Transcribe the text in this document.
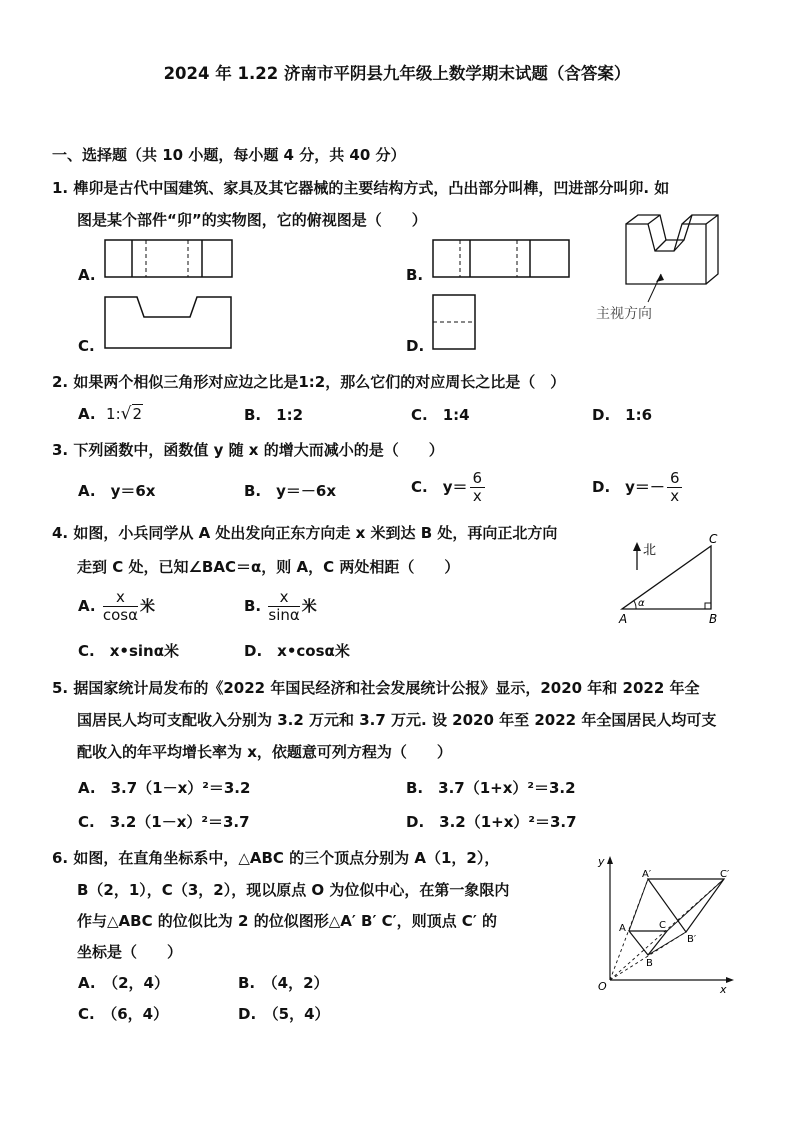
2024 年 1.22 济南市平阴县九年级上数学期末试题（含答案）
一、选择题（共 10 小题，每小题 4 分，共 40 分）
1. 榫卯是古代中国建筑、家具及其它器械的主要结构方式，凸出部分叫榫，凹进部分叫卯. 如
图是某个部件“卯”的实物图，它的俯视图是（　　）
A.	B.
主视方向
C.	D.
2. 如果两个相似三角形对应边之比是1:2，那么它们的对应周长之比是（　）
A. 1:√2	B.　1:2	C.　1:4	D.　1:6
3. 下列函数中，函数值 y 随 x 的增大而减小的是（　　）
A.　y＝6x	B.　y＝－6x	C.　$y= \frac{6}{x}$	D.　$y=- \frac{6}{x}$
4. 如图，小兵同学从 A 处出发向正东方向走 x 米到达 B 处，再向正北方向
走到 C 处，已知∠BAC＝α，则 A，C 两处相距（　　）
A. $\frac{x}{\cos\alpha}$ 米	B. $\frac{x}{\sin\alpha}$ 米
C.　x•sinα米	D.　x•cosα米
北
α
A	B
C
5. 据国家统计局发布的《2022 年国民经济和社会发展统计公报》显示，2020 年和 2022 年全
国居民人均可支配收入分别为 3.2 万元和 3.7 万元. 设 2020 年至 2022 年全国居民人均可支
配收入的年平均增长率为 x，依题意可列方程为（　　）
A.　3.7（1－x）²＝3.2	B.　3.7（1+x）²＝3.2
C.　3.2（1－x）²＝3.7	D.　3.2（1+x）²＝3.7
6. 如图，在直角坐标系中，△ABC 的三个顶点分别为 A（1，2），
B（2，1），C（3，2），现以原点 O 为位似中心，在第一象限内
作与△ABC 的位似比为 2 的位似图形△A′ B′ C′，则顶点 C′ 的
坐标是（　　）
A.　（2，4）	B.　（4，2）
C.　（6，4）	D.　（5，4）
y
x
O
A
B
C
A′
B′
C′
